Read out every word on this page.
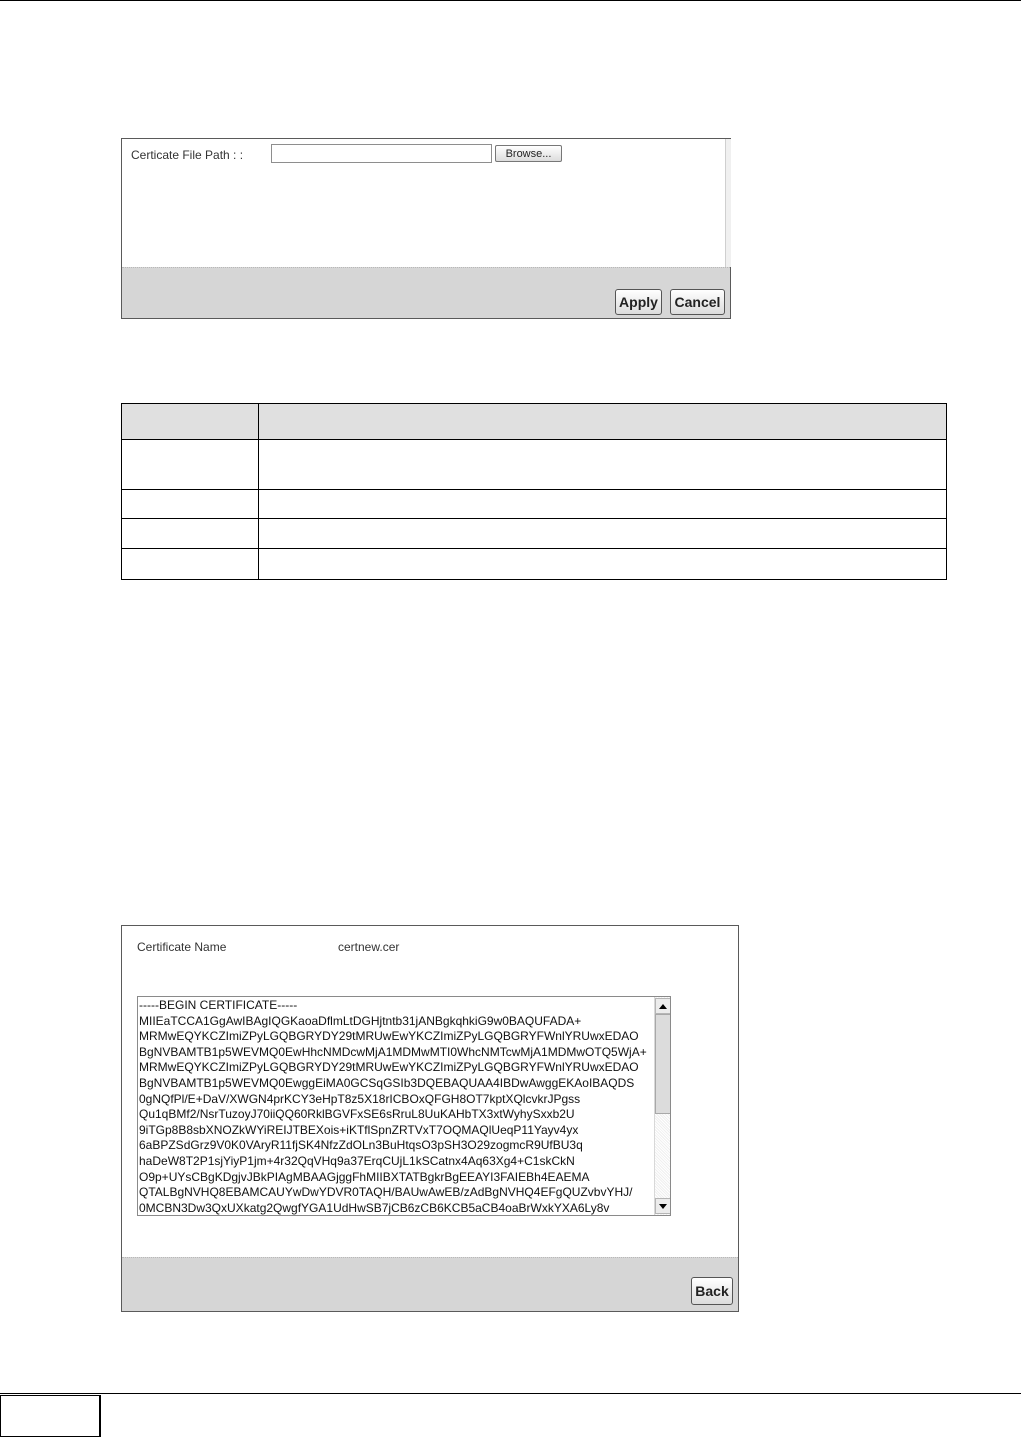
Certicate File Path : :	Browse...
Apply	Cancel

Certificate Name	certnew.cer
-----BEGIN CERTIFICATE-----
MIIEaTCCA1GgAwIBAgIQGKaoaDflmLtDGHjtntb31jANBgkqhkiG9w0BAQUFADA+
MRMwEQYKCZImiZPyLGQBGRYDY29tMRUwEwYKCZImiZPyLGQBGRYFWnlYRUwxEDAO
BgNVBAMTB1p5WEVMQ0EwHhcNMDcwMjA1MDMwMTI0WhcNMTcwMjA1MDMwOTQ5WjA+
MRMwEQYKCZImiZPyLGQBGRYDY29tMRUwEwYKCZImiZPyLGQBGRYFWnlYRUwxEDAO
BgNVBAMTB1p5WEVMQ0EwggEiMA0GCSqGSIb3DQEBAQUAA4IBDwAwggEKAoIBAQDS
0gNQfPl/E+DaV/XWGN4prKCY3eHpT8z5X18rICBOxQFGH8OT7kptXQlcvkrJPgss
Qu1qBMf2/NsrTuzoyJ70iiQQ60RklBGVFxSE6sRruL8UuKAHbTX3xtWyhySxxb2U
9iTGp8B8sbXNOZkWYiREIJTBEXois+iKTflSpnZRTVxT7OQMAQlUeqP11Yayv4yx
6aBPZSdGrz9V0K0VAryR11fjSK4NfzZdOLn3BuHtqsO3pSH3O29zogmcR9UfBU3q
haDeW8T2P1sjYiyP1jm+4r32QqVHq9a37ErqCUjL1kSCatnx4Aq63Xg4+C1skCkN
O9p+UYsCBgKDgjvJBkPIAgMBAAGjggFhMIIBXTATBgkrBgEEAYI3FAIEBh4EAEMA
QTALBgNVHQ8EBAMCAUYwDwYDVR0TAQH/BAUwAwEB/zAdBgNVHQ4EFgQUZvbvYHJ/
0MCBN3Dw3QxUXkatg2QwgfYGA1UdHwSB7jCB6zCB6KCB5aCB4oaBrWxkYXA6Ly8v
Back
